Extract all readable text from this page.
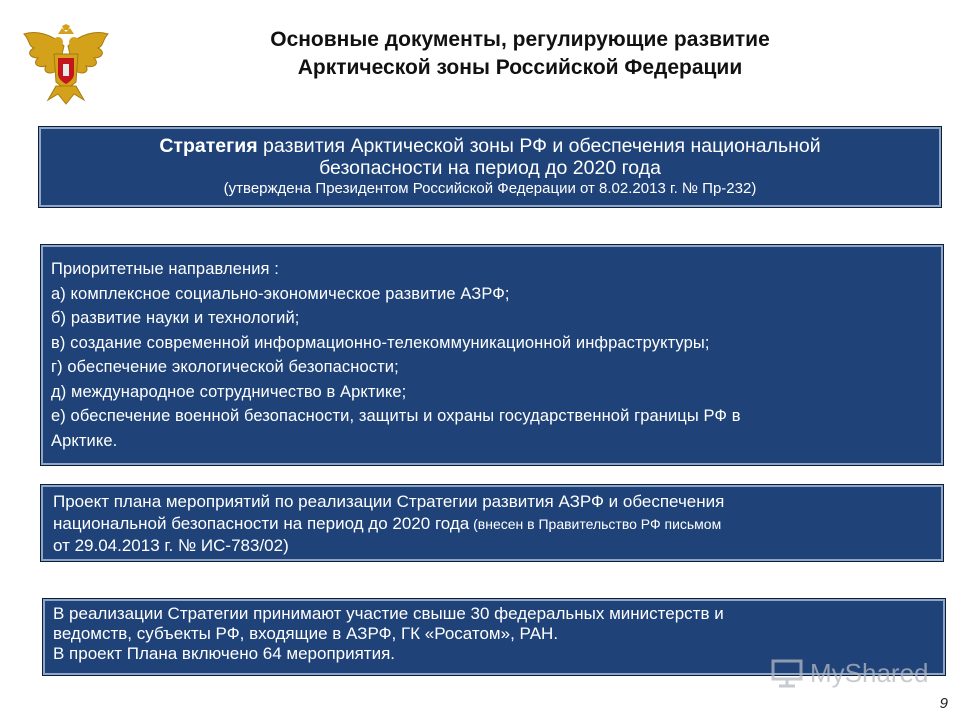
Основные документы, регулирующие развитие
Арктической зоны Российской Федерации
Стратегия развития Арктической зоны РФ и обеспечения национальной
безопасности на период до 2020 года
(утверждена Президентом Российской Федерации от 8.02.2013 г. № Пр-232)
Приоритетные направления :
а) комплексное социально-экономическое развитие АЗРФ;
б) развитие науки и технологий;
в) создание современной информационно-телекоммуникационной инфраструктуры;
г) обеспечение экологической безопасности;
д) международное сотрудничество в Арктике;
е) обеспечение военной безопасности, защиты и охраны государственной границы РФ в
Арктике.
Проект плана мероприятий по реализации Стратегии развития АЗРФ и обеспечения
национальной безопасности на период до 2020 года (внесен в Правительство РФ письмом
от 29.04.2013 г. № ИС-783/02)
В реализации Стратегии принимают участие свыше 30 федеральных министерств и
ведомств, субъекты РФ, входящие в АЗРФ, ГК «Росатом», РАН.
В проект Плана включено 64 мероприятия.
MyShared
9
